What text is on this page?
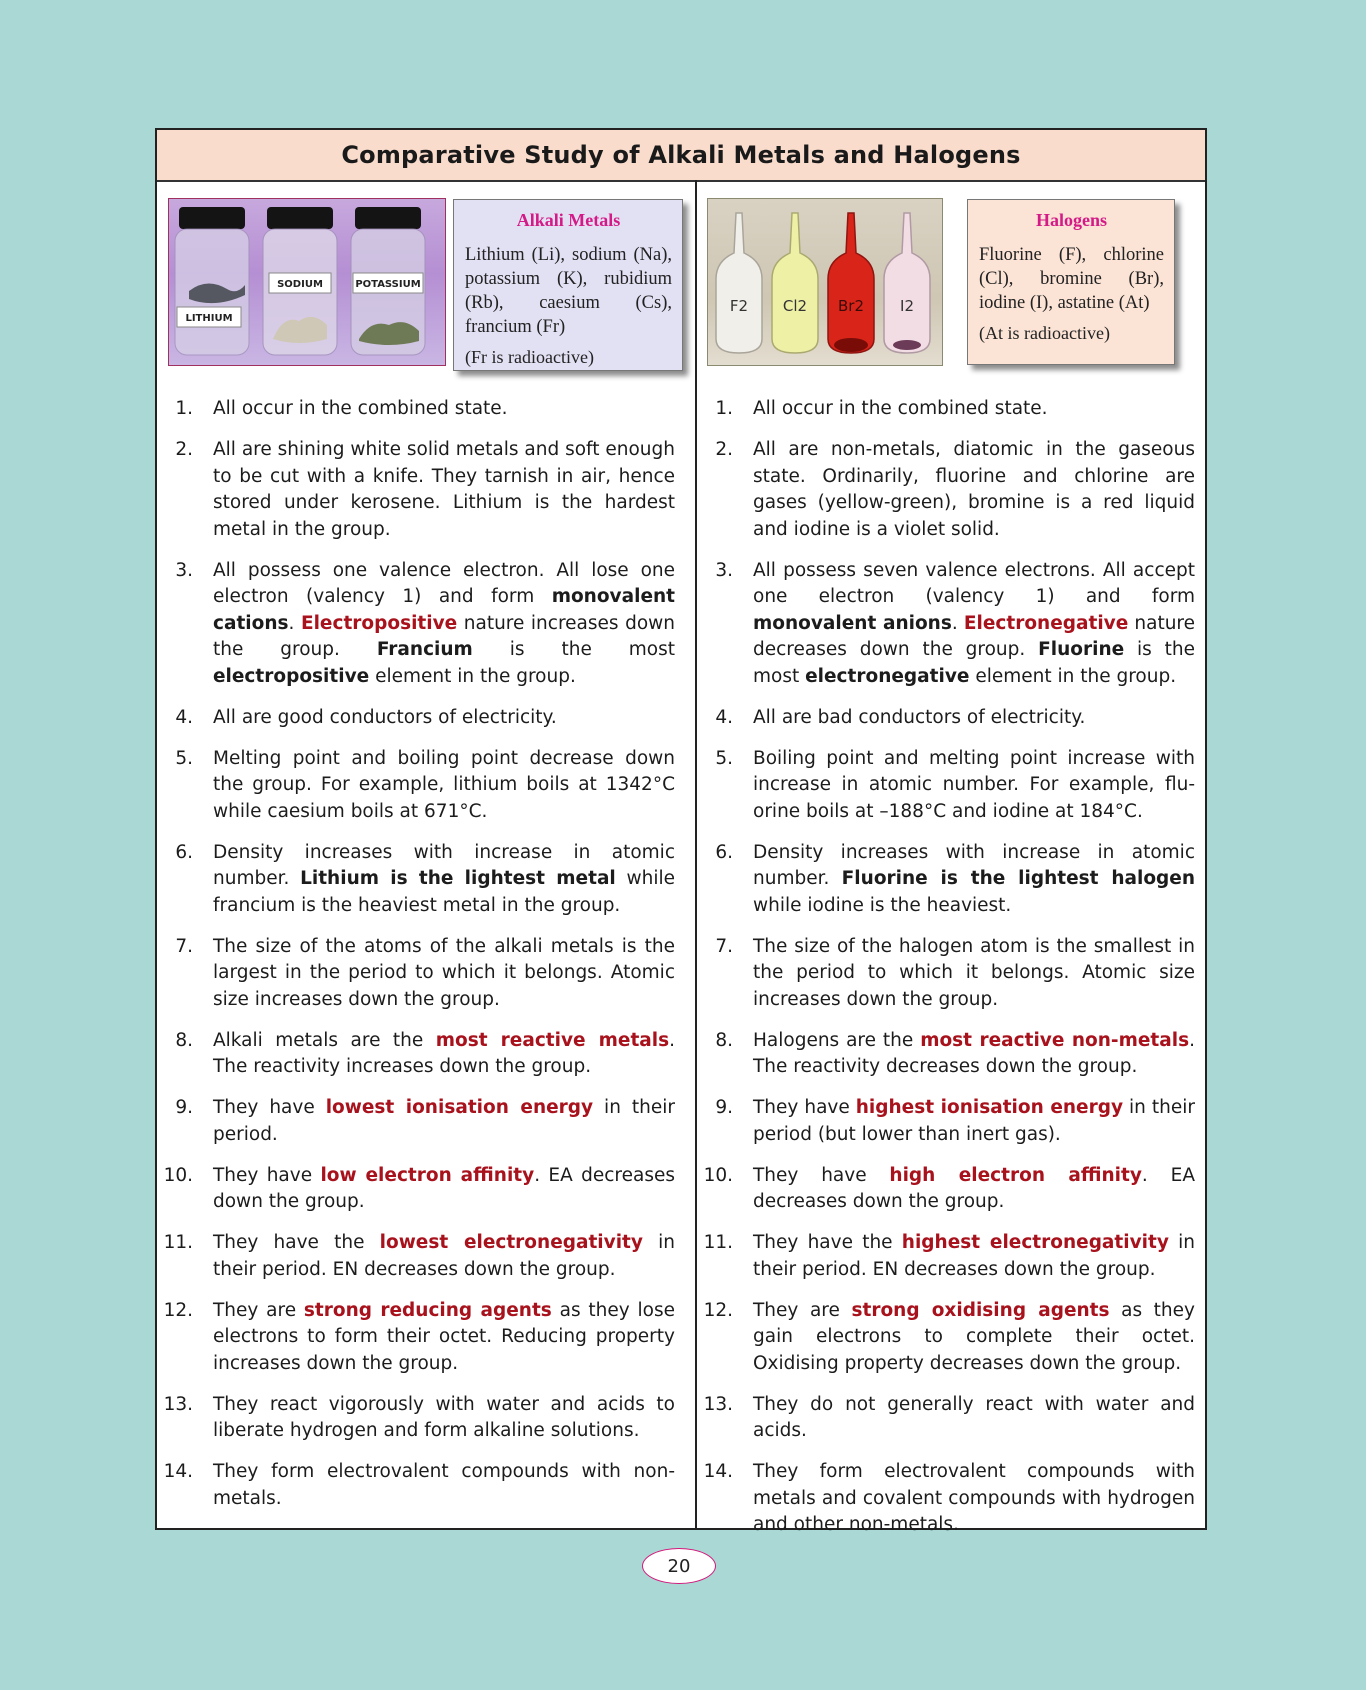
Comparative Study of Alkali Metals and Halogens
LITHIUM
SODIUM	POTASSIUM
Alkali Metals
Lithium (Li), sodium (Na), potassium (K), rubidium (Rb), caesium (Cs), francium (Fr)
(Fr is radioactive)
1. All occur in the combined state.
2. All are shining white solid metals and soft enough to be cut with a knife. They tarnish in air, hence stored under kerosene. Lithium is the hardest metal in the group.
3. All possess one valence electron. All lose one electron (valency 1) and form monovalent cations. Electropositive nature increases down the group. Francium is the most electropositive element in the group.
4. All are good conductors of electricity.
5. Melting point and boiling point decrease down the group. For example, lithium boils at 1342°C while caesium boils at 671°C.
6. Density increases with increase in atomic number. Lithium is the lightest metal while francium is the heaviest metal in the group.
7. The size of the atoms of the alkali metals is the largest in the period to which it belongs. Atomic size increases down the group.
8. Alkali metals are the most reactive metals. The reactivity increases down the group.
9. They have lowest ionisation energy in their period.
10. They have low electron affinity. EA decreases down the group.
11. They have the lowest electronegativity in their period. EN decreases down the group.
12. They are strong reducing agents as they lose electrons to form their octet. Reducing property increases down the group.
13. They react vigorously with water and acids to liberate hydrogen and form alkaline solutions.
14. They form electrovalent compounds with non-metals.
F2 Cl2 Br2 I2
Halogens
Fluorine (F), chlorine (Cl), bromine (Br), iodine (I), astatine (At)
(At is radioactive)
1. All occur in the combined state.
2. All are non-metals, diatomic in the gaseous state. Ordinarily, fluorine and chlorine are gases (yellow-green), bromine is a red liquid and iodine is a violet solid.
3. All possess seven valence electrons. All accept one electron (valency 1) and form monovalent anions. Electronegative nature decreases down the group. Fluorine is the most electronegative element in the group.
4. All are bad conductors of electricity.
5. Boiling point and melting point increase with increase in atomic number. For example, flu-orine boils at –188°C and iodine at 184°C.
6. Density increases with increase in atomic number. Fluorine is the lightest halogen while iodine is the heaviest.
7. The size of the halogen atom is the smallest in the period to which it belongs. Atomic size increases down the group.
8. Halogens are the most reactive non-metals. The reactivity decreases down the group.
9. They have highest ionisation energy in their period (but lower than inert gas).
10. They have high electron affinity. EA decreases down the group.
11. They have the highest electronegativity in their period. EN decreases down the group.
12. They are strong oxidising agents as they gain electrons to complete their octet. Oxidising property decreases down the group.
13. They do not generally react with water and acids.
14. They form electrovalent compounds with metals and covalent compounds with hydrogen and other non-metals.
20
